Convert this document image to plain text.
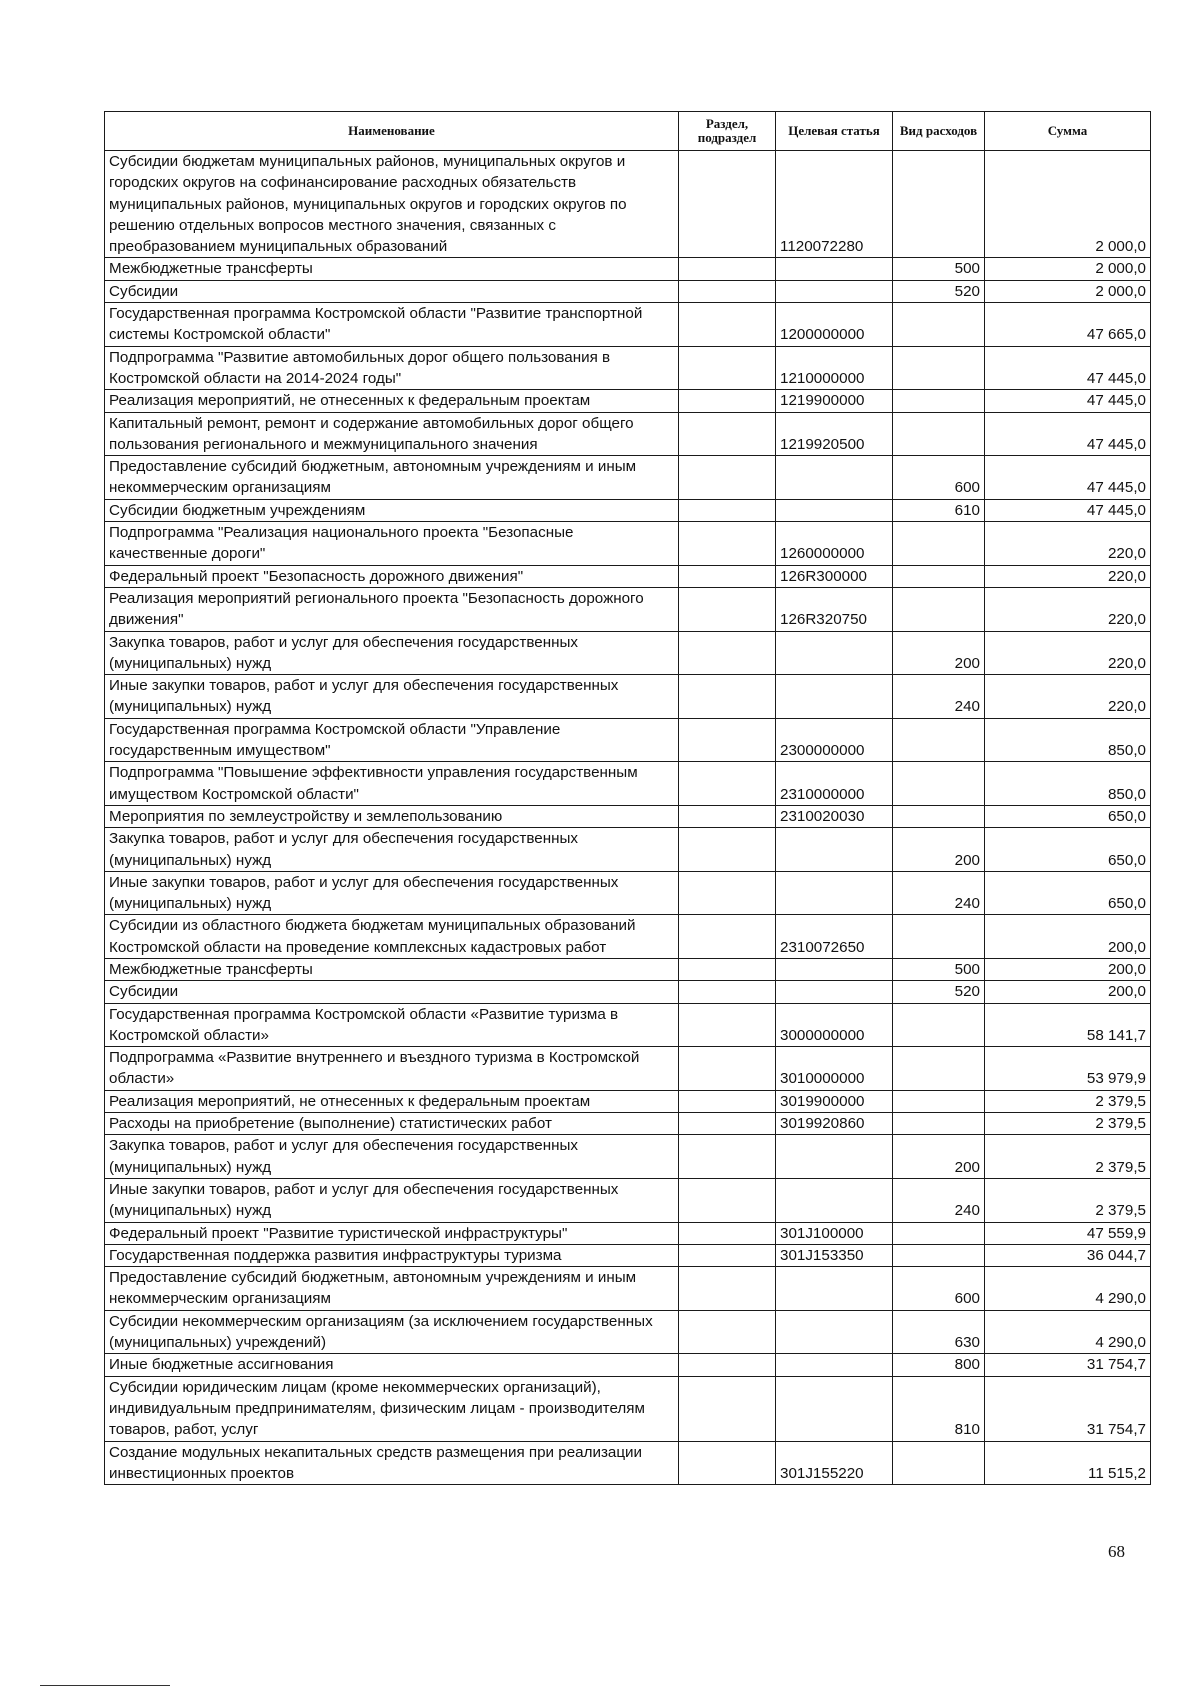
Наименование	Раздел, подраздел	Целевая статья	Вид расходов	Сумма
Субсидии бюджетам муниципальных районов, муниципальных округов и городских округов на софинансирование расходных обязательств муниципальных районов, муниципальных округов и городских округов по решению отдельных вопросов местного значения, связанных с преобразованием муниципальных образований		1120072280		2 000,0
Межбюджетные трансферты			500	2 000,0
Субсидии			520	2 000,0
Государственная программа Костромской области "Развитие транспортной системы Костромской области"		1200000000		47 665,0
Подпрограмма "Развитие автомобильных дорог общего пользования в Костромской области на 2014-2024 годы"		1210000000		47 445,0
Реализация мероприятий, не отнесенных к федеральным проектам		1219900000		47 445,0
Капитальный ремонт, ремонт и содержание автомобильных дорог общего пользования регионального и межмуниципального значения		1219920500		47 445,0
Предоставление субсидий бюджетным, автономным учреждениям и иным некоммерческим организациям			600	47 445,0
Субсидии бюджетным учреждениям			610	47 445,0
Подпрограмма "Реализация национального проекта "Безопасные качественные дороги"		1260000000		220,0
Федеральный проект "Безопасность дорожного движения"		126R300000		220,0
Реализация мероприятий регионального проекта "Безопасность дорожного движения"		126R320750		220,0
Закупка товаров, работ и услуг для обеспечения государственных (муниципальных) нужд			200	220,0
Иные закупки товаров, работ и услуг для обеспечения государственных (муниципальных) нужд			240	220,0
Государственная программа Костромской области "Управление государственным имуществом"		2300000000		850,0
Подпрограмма "Повышение эффективности управления государственным имуществом Костромской области"		2310000000		850,0
Мероприятия по землеустройству и землепользованию		2310020030		650,0
Закупка товаров, работ и услуг для обеспечения государственных (муниципальных) нужд			200	650,0
Иные закупки товаров, работ и услуг для обеспечения государственных (муниципальных) нужд			240	650,0
Субсидии из областного бюджета бюджетам муниципальных образований Костромской области на проведение комплексных кадастровых работ		2310072650		200,0
Межбюджетные трансферты			500	200,0
Субсидии			520	200,0
Государственная программа Костромской области «Развитие туризма в Костромской области»		3000000000		58 141,7
Подпрограмма «Развитие внутреннего и въездного туризма в Костромской области»		3010000000		53 979,9
Реализация мероприятий, не отнесенных к федеральным проектам		3019900000		2 379,5
Расходы на приобретение (выполнение) статистических работ		3019920860		2 379,5
Закупка товаров, работ и услуг для обеспечения государственных (муниципальных) нужд			200	2 379,5
Иные закупки товаров, работ и услуг для обеспечения государственных (муниципальных) нужд			240	2 379,5
Федеральный проект "Развитие туристической инфраструктуры"		301J100000		47 559,9
Государственная поддержка развития инфраструктуры туризма		301J153350		36 044,7
Предоставление субсидий бюджетным, автономным учреждениям и иным некоммерческим организациям			600	4 290,0
Субсидии некоммерческим организациям (за исключением государственных (муниципальных) учреждений)			630	4 290,0
Иные бюджетные ассигнования			800	31 754,7
Субсидии юридическим лицам (кроме некоммерческих организаций), индивидуальным предпринимателям, физическим лицам - производителям товаров, работ, услуг			810	31 754,7
Создание модульных некапитальных средств размещения при реализации инвестиционных проектов		301J155220		11 515,2
68
